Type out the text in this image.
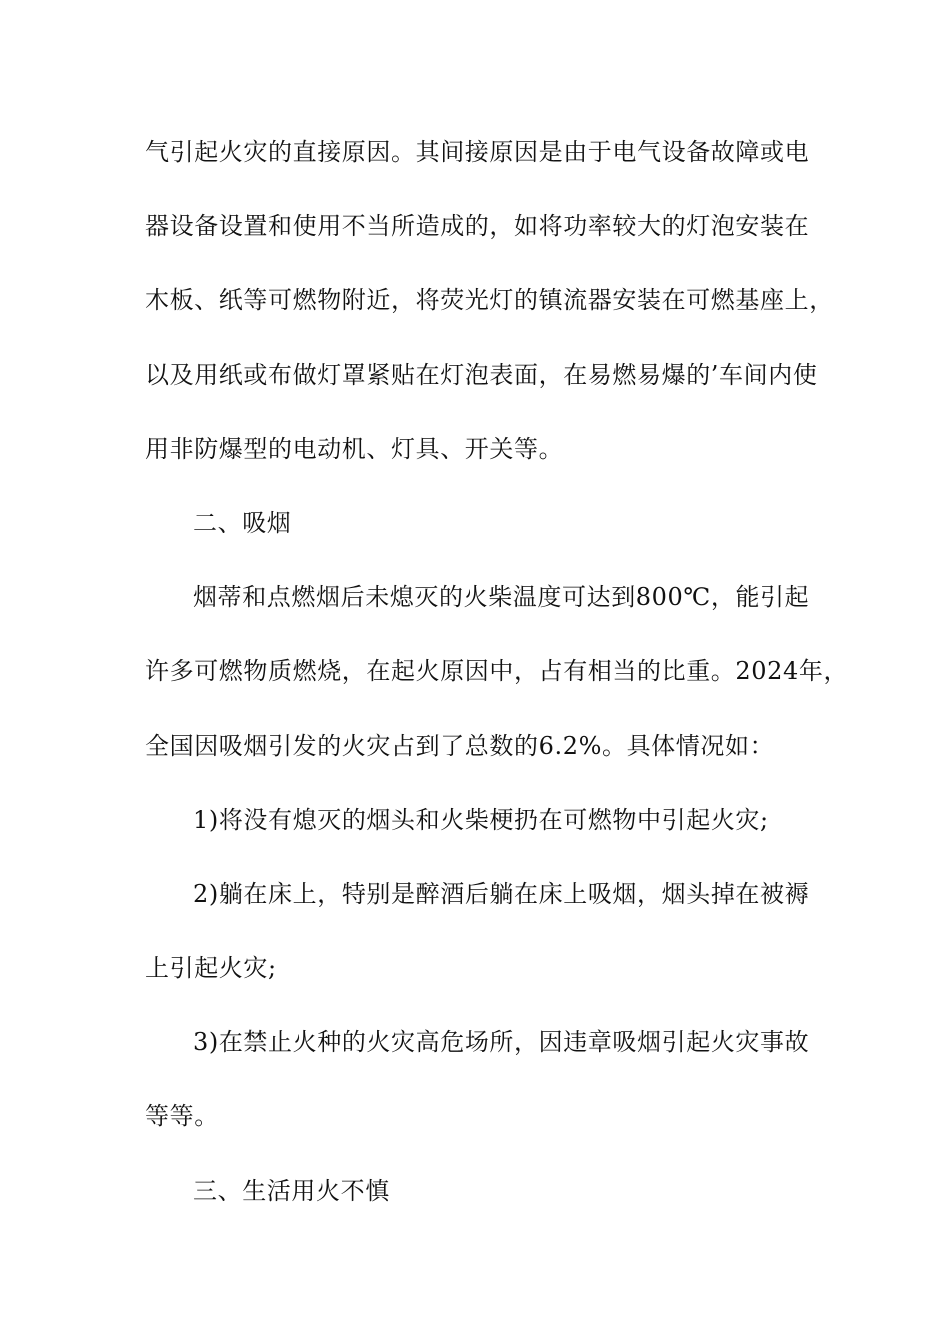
气引起火灾的直接原因。其间接原因是由于电气设备故障或电
器设备设置和使用不当所造成的，如将功率较大的灯泡安装在
木板、纸等可燃物附近，将荧光灯的镇流器安装在可燃基座上，
以及用纸或布做灯罩紧贴在灯泡表面，在易燃易爆的’车间内使
用非防爆型的电动机、灯具、开关等。
二、吸烟
烟蒂和点燃烟后未熄灭的火柴温度可达到800℃，能引起
许多可燃物质燃烧，在起火原因中，占有相当的比重。2024年，
全国因吸烟引发的火灾占到了总数的6.2%。具体情况如：
1)将没有熄灭的烟头和火柴梗扔在可燃物中引起火灾;
2)躺在床上，特别是醉酒后躺在床上吸烟，烟头掉在被褥
上引起火灾;
3)在禁止火种的火灾高危场所，因违章吸烟引起火灾事故
等等。
三、生活用火不慎
